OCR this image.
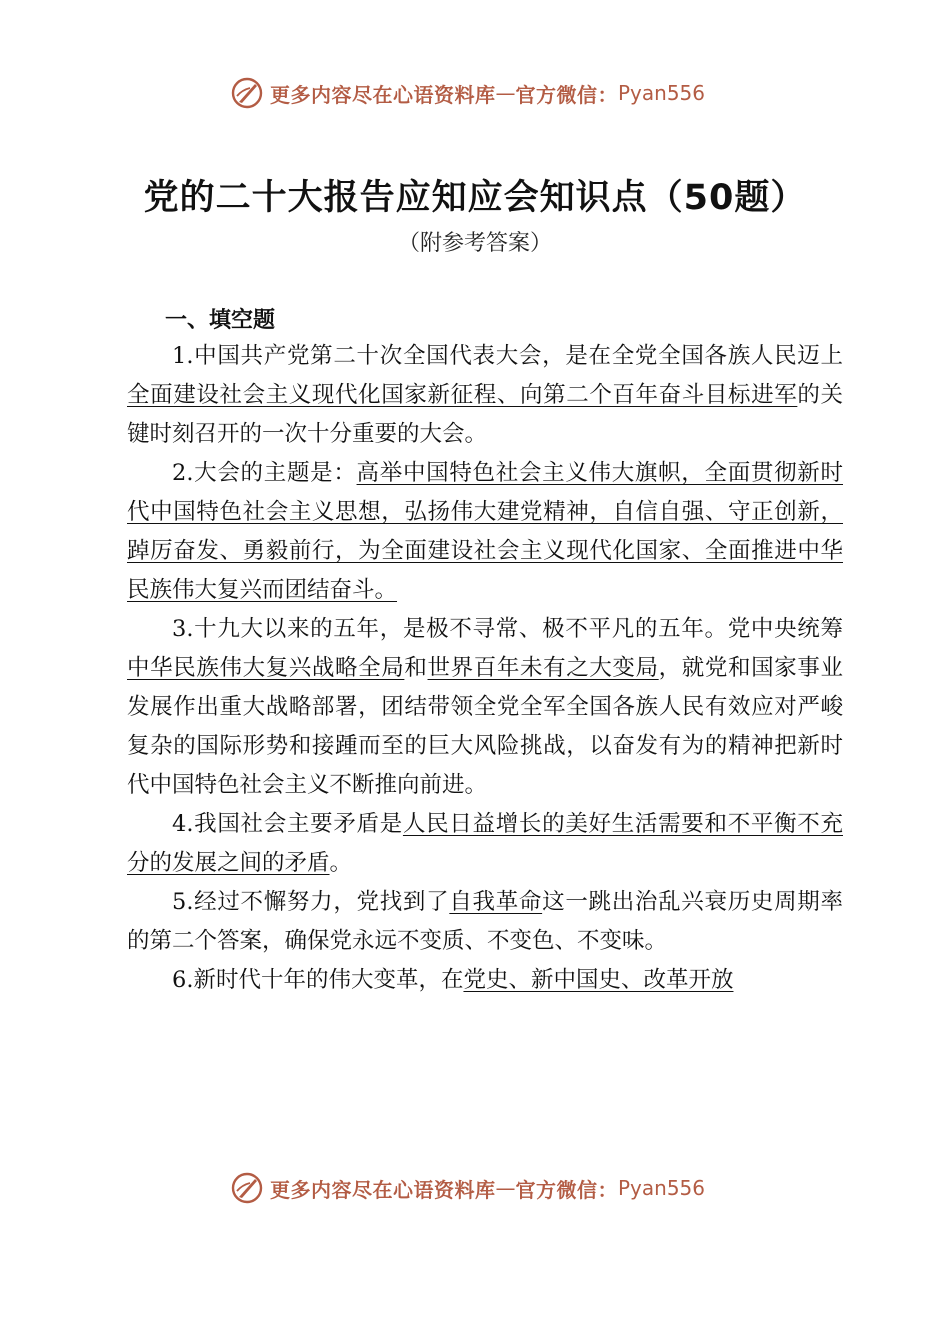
更多内容尽在心语资料库 — 官方微信： Pyan556
党的二十大报告应知应会知识点（50题）
（附参考答案）
一、填空题

1.中国共产党第二十次全国代表大会，是在全党全国各族人民迈上全面建设社会主义现代化国家新征程、向第二个百年奋斗目标进军的关键时刻召开的一次十分重要的大会。

2.大会的主题是：高举中国特色社会主义伟大旗帜，全面贯彻新时代中国特色社会主义思想，弘扬伟大建党精神，自信自强、守正创新，踔厉奋发、勇毅前行，为全面建设社会主义现代化国家、全面推进中华民族伟大复兴而团结奋斗。

3.十九大以来的五年，是极不寻常、极不平凡的五年。党中央统筹中华民族伟大复兴战略全局和世界百年未有之大变局，就党和国家事业发展作出重大战略部署，团结带领全党全军全国各族人民有效应对严峻复杂的国际形势和接踵而至的巨大风险挑战，以奋发有为的精神把新时代中国特色社会主义不断推向前进。

4.我国社会主要矛盾是人民日益增长的美好生活需要和不平衡不充分的发展之间的矛盾。

5.经过不懈努力，党找到了自我革命这一跳出治乱兴衰历史周期率的第二个答案，确保党永远不变质、不变色、不变味。

6.新时代十年的伟大变革，在党史、新中国史、改革开放

更多内容尽在心语资料库 — 官方微信： Pyan556
